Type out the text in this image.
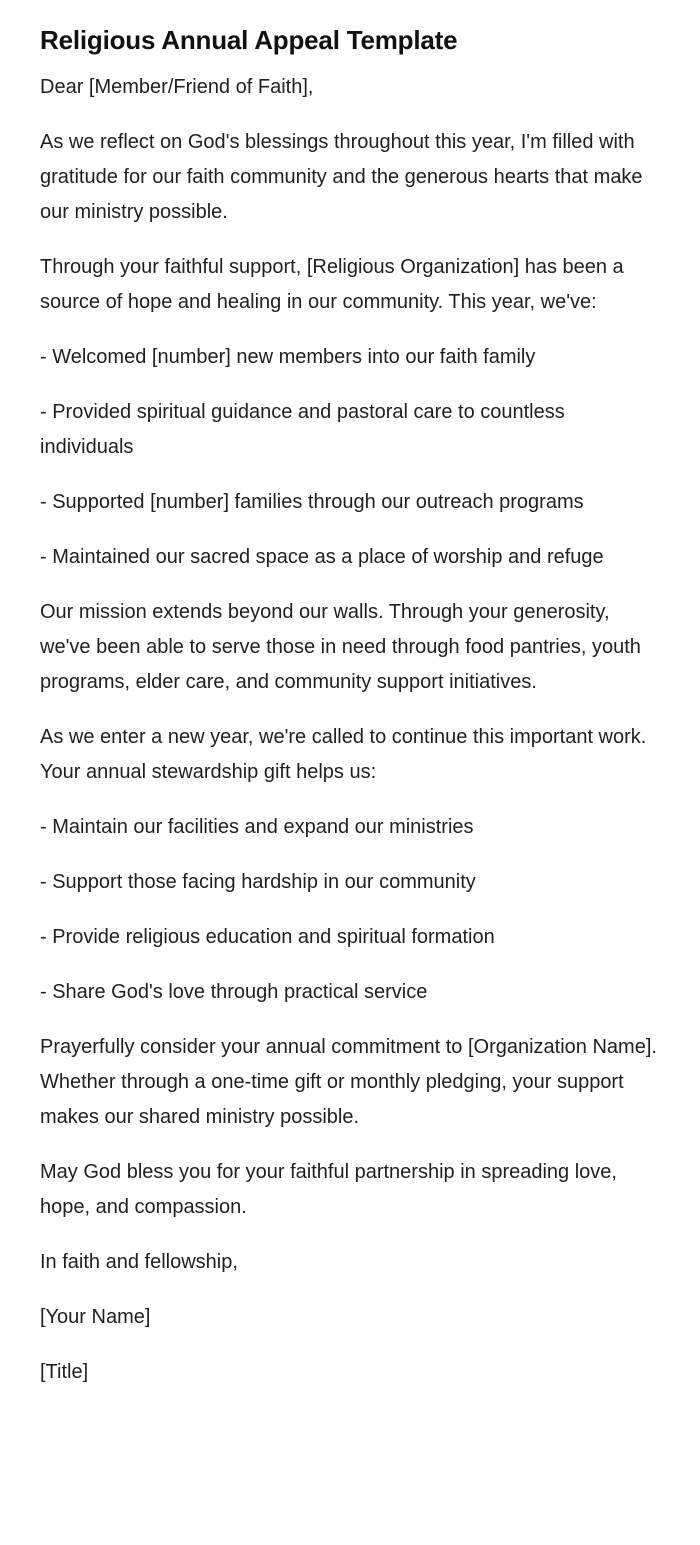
Religious Annual Appeal Template

Dear [Member/Friend of Faith],

As we reflect on God's blessings throughout this year, I'm filled with gratitude for our faith community and the generous hearts that make our ministry possible.

Through your faithful support, [Religious Organization] has been a source of hope and healing in our community. This year, we've:

- Welcomed [number] new members into our faith family

- Provided spiritual guidance and pastoral care to countless individuals

- Supported [number] families through our outreach programs

- Maintained our sacred space as a place of worship and refuge

Our mission extends beyond our walls. Through your generosity, we've been able to serve those in need through food pantries, youth programs, elder care, and community support initiatives.

As we enter a new year, we're called to continue this important work. Your annual stewardship gift helps us:

- Maintain our facilities and expand our ministries

- Support those facing hardship in our community

- Provide religious education and spiritual formation

- Share God's love through practical service

Prayerfully consider your annual commitment to [Organization Name]. Whether through a one-time gift or monthly pledging, your support makes our shared ministry possible.

May God bless you for your faithful partnership in spreading love, hope, and compassion.

In faith and fellowship,

[Your Name]

[Title]
